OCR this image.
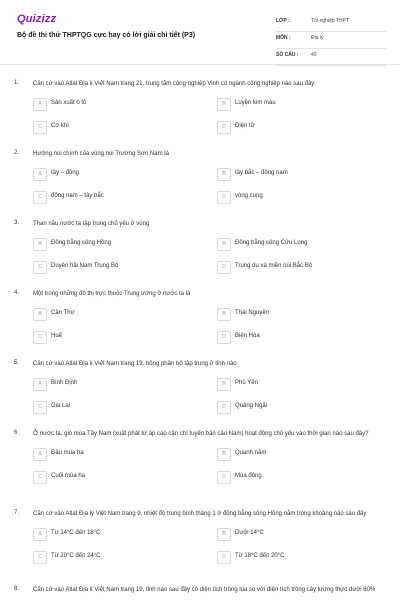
Quizizz
Bộ đề thi thử THPTQG cực hay có lời giải chi tiết (P3)
LỚP :	Tốt nghiệp THPT
MÔN :	Địa lý
SỐ CÂU :	40
1. Căn cứ vào Atlat Địa lí Việt Nam trang 21, trung tâm công nghiệp Vinh có ngành công nghiệp nào sau đây
A	Sản xuất ô tô	B	Luyện kim màu
C	Cơ khí	D	Điện tử
2. Hướng núi chính của vùng núi Trường Sơn Nam là
A	tây – đông	B	tây bắc – đông nam
C	đông nam – tây bắc	D	vòng cung
3. Than nâu nước ta tập trung chủ yếu ở vùng
A	Đồng bằng sông Hồng	B	Đồng bằng sông Cửu Long
C	Duyên hải Nam Trung Bộ	D	Trung du và miền núi Bắc Bộ
4. Một trong những đô thị trực thuộc Trung ương ở nước ta là
A	Cần Thơ	B	Thái Nguyên
C	Huế	D	Biên Hòa
5. Căn cứ vào Atlat Địa lí Việt Nam trang 19, bông phân bố tập trung ở tỉnh nào
A	Bình Định	B	Phú Yên
C	Gia Lai	D	Quảng Ngãi
6. Ở nước ta, gió mùa Tây Nam (xuất phát từ áp cao cận chí tuyến bán cầu Nam) hoạt động chủ yếu vào thời gian nào sau đây?
A	Đầu mùa hạ	B	Quanh năm
C	Cuối mùa hạ	D	Mùa đông
7. Căn cứ vào Atlat Địa lý Việt Nam trang 9, nhiệt độ trung bình tháng 1 ở đồng bằng sông Hồng nằm trong khoảng nào sau đây
A	Từ 14°C đến 18°C	B	Dưới 14°C
C	Từ 20°C đến 24°C	D	Từ 18°C đến 20°C
8. Căn cứ vào Atlat Địa lí Việt Nam trang 19, tỉnh nào sau đây có diện tích trồng lúa so với diện tích trồng cây lương thực dưới 60%
